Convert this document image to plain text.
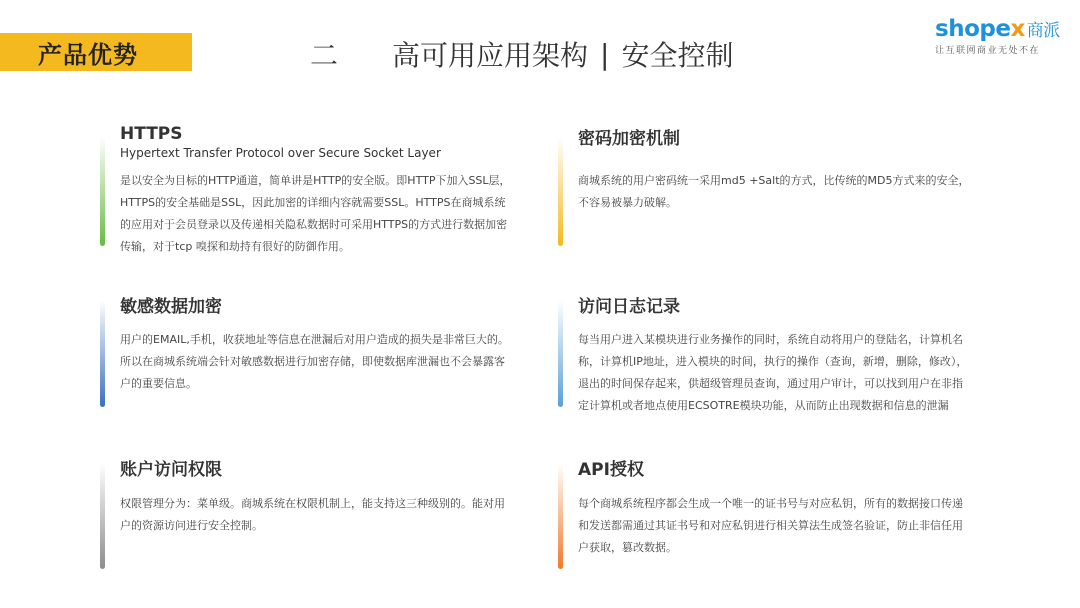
产品优势	二 高可用应用架构 | 安全控制
shopex 商派
让互联网商业无处不在
HTTPS
Hypertext Transfer Protocol over Secure Socket Layer

是以安全为目标的HTTP通道，简单讲是HTTP的安全版。即HTTP下加入SSL层，HTTPS的安全基础是SSL，因此加密的详细内容就需要SSL。HTTPS在商城系统的应用对于会员登录以及传递相关隐私数据时可采用HTTPS的方式进行数据加密传输，对于tcp 嗅探和劫持有很好的防御作用。

密码加密机制

商城系统的用户密码统一采用md5 +Salt的方式，比传统的MD5方式来的安全，不容易被暴力破解。

敏感数据加密

用户的EMAIL,手机，收获地址等信息在泄漏后对用户造成的损失是非常巨大的。所以在商城系统端会针对敏感数据进行加密存储，即使数据库泄漏也不会暴露客户的重要信息。

访问日志记录

每当用户进入某模块进行业务操作的同时，系统自动将用户的登陆名，计算机名称，计算机IP地址，进入模块的时间，执行的操作（查询，新增，删除，修改），退出的时间保存起来，供超级管理员查询，通过用户审计，可以找到用户在非指定计算机或者地点使用ECSOTRE模块功能，从而防止出现数据和信息的泄漏

账户访问权限

权限管理分为：菜单级。商城系统在权限机制上，能支持这三种级别的。能对用户的资源访问进行安全控制。

API授权

每个商城系统程序都会生成一个唯一的证书号与对应私钥，所有的数据接口传递和发送都需通过其证书号和对应私钥进行相关算法生成签名验证，防止非信任用户获取，篡改数据。
